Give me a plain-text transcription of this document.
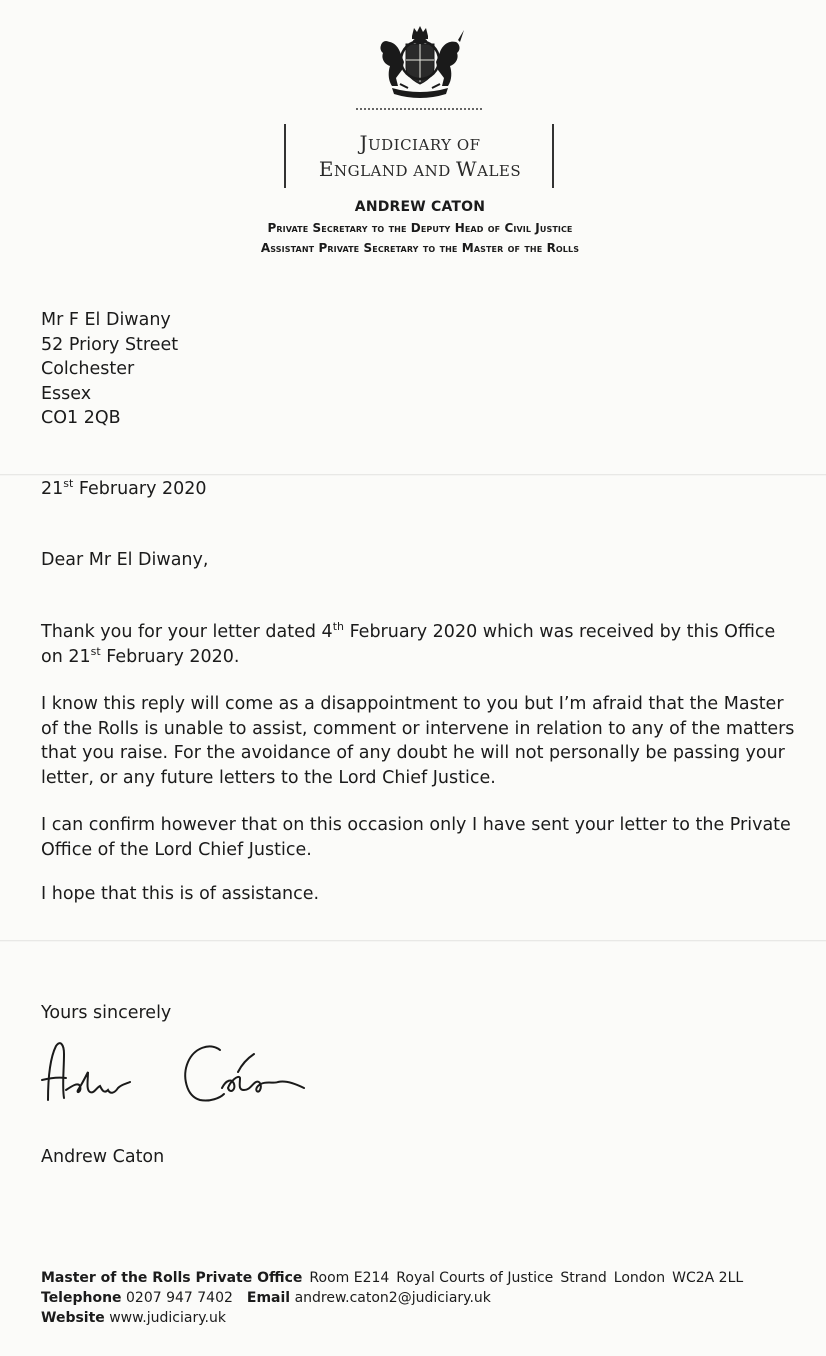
JUDICIARY OF
ENGLAND AND WALES
ANDREW CATON
Private Secretary to the Deputy Head of Civil Justice
Assistant Private Secretary to the Master of the Rolls
Mr F El Diwany
52 Priory Street
Colchester
Essex
CO1 2QB
21st February 2020
Dear Mr El Diwany,
Thank you for your letter dated 4th February 2020 which was received by this Office on 21st February 2020.
I know this reply will come as a disappointment to you but I’m afraid that the Master of the Rolls is unable to assist, comment or intervene in relation to any of the matters that you raise. For the avoidance of any doubt he will not personally be passing your letter, or any future letters to the Lord Chief Justice.
I can confirm however that on this occasion only I have sent your letter to the Private Office of the Lord Chief Justice.
I hope that this is of assistance.
Yours sincerely
Andrew Caton
Master of the Rolls Private Office Room E214 Royal Courts of Justice Strand London WC2A 2LL
Telephone 0207 947 7402 Email andrew.caton2@judiciary.uk
Website www.judiciary.uk
